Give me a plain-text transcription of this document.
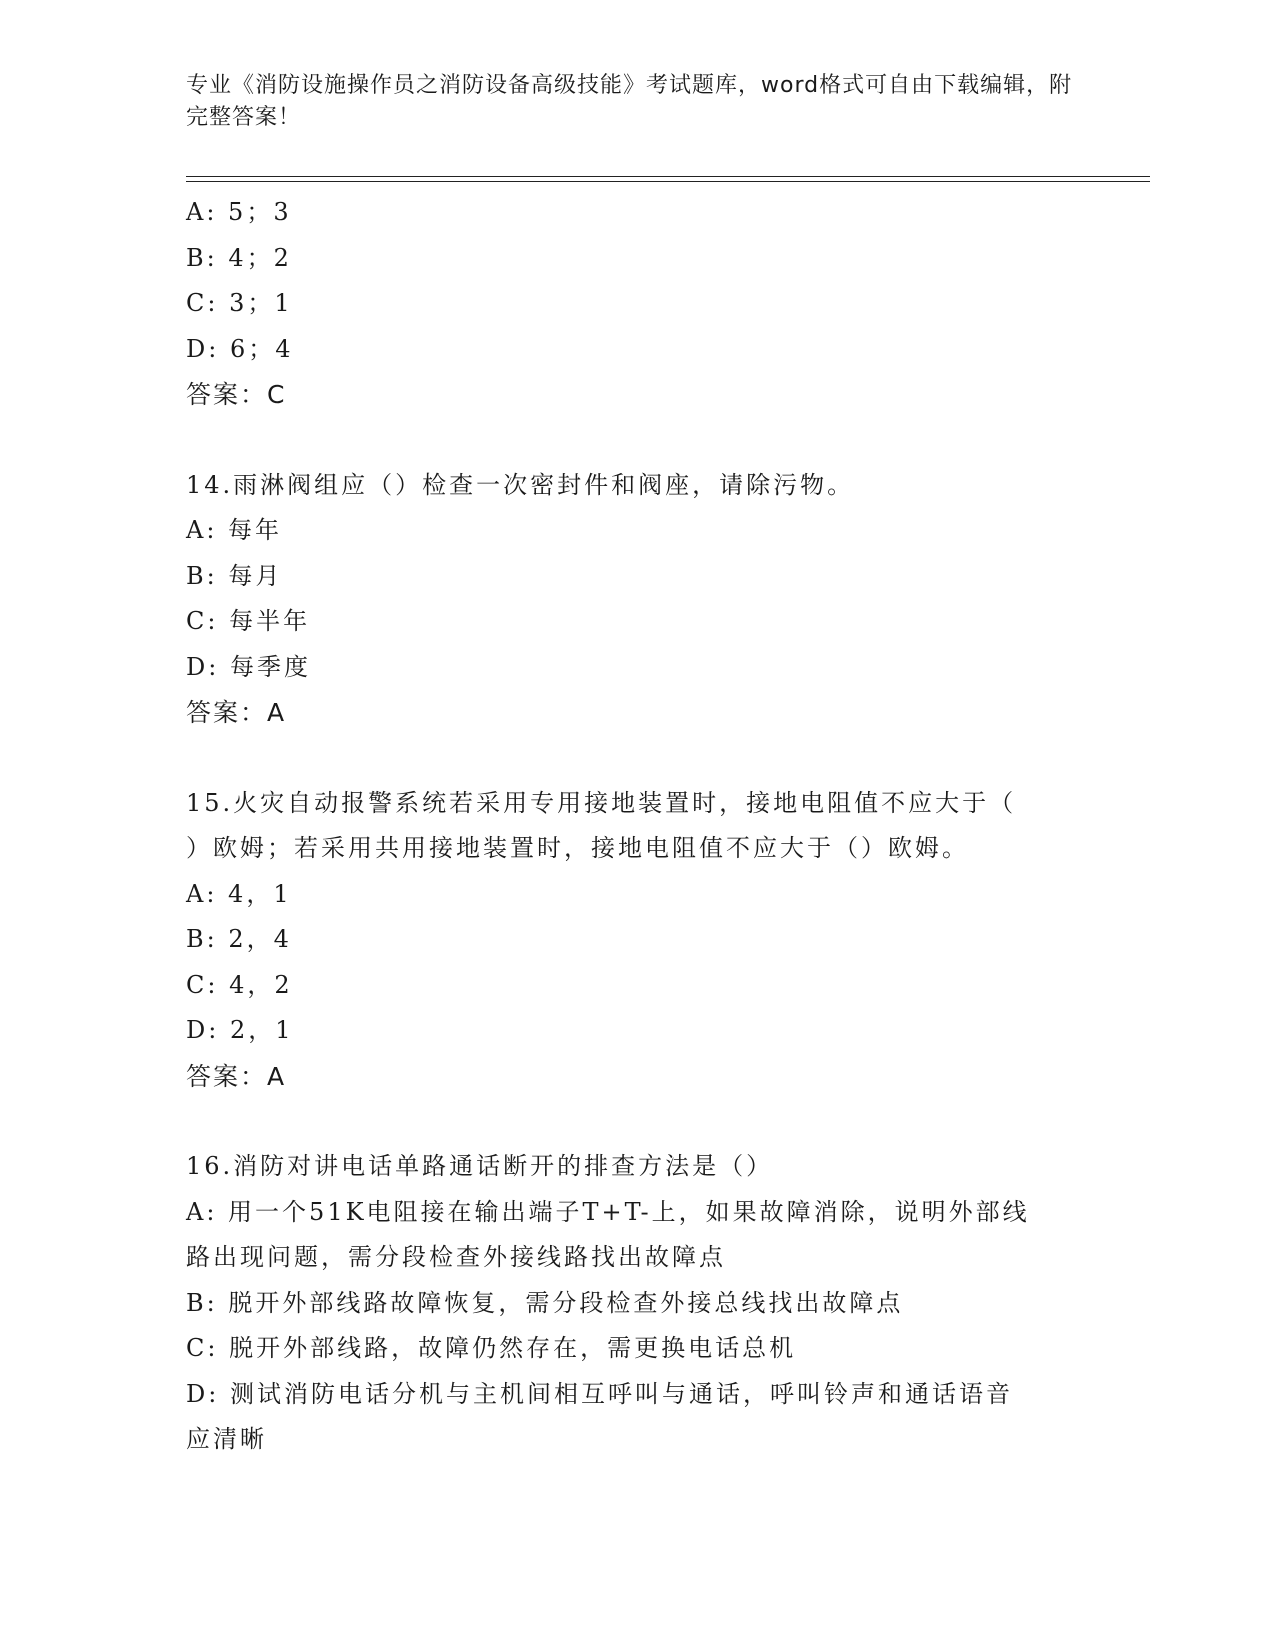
专业《消防设施操作员之消防设备高级技能》考试题库，word格式可自由下载编辑，附完整答案！
A: 5；3
B: 4；2
C: 3；1
D: 6；4
答案：C
14.雨淋阀组应（）检查一次密封件和阀座，请除污物。
A: 每年
B: 每月
C: 每半年
D: 每季度
答案：A
15.火灾自动报警系统若采用专用接地装置时，接地电阻值不应大于（
）欧姆；若采用共用接地装置时，接地电阻值不应大于（）欧姆。
A: 4，1
B: 2，4
C: 4，2
D: 2，1
答案：A
16.消防对讲电话单路通话断开的排查方法是（）
A: 用一个51K电阻接在输出端子T+T-上，如果故障消除，说明外部线
路出现问题，需分段检查外接线路找出故障点
B: 脱开外部线路故障恢复，需分段检查外接总线找出故障点
C: 脱开外部线路，故障仍然存在，需更换电话总机
D: 测试消防电话分机与主机间相互呼叫与通话，呼叫铃声和通话语音
应清晰
